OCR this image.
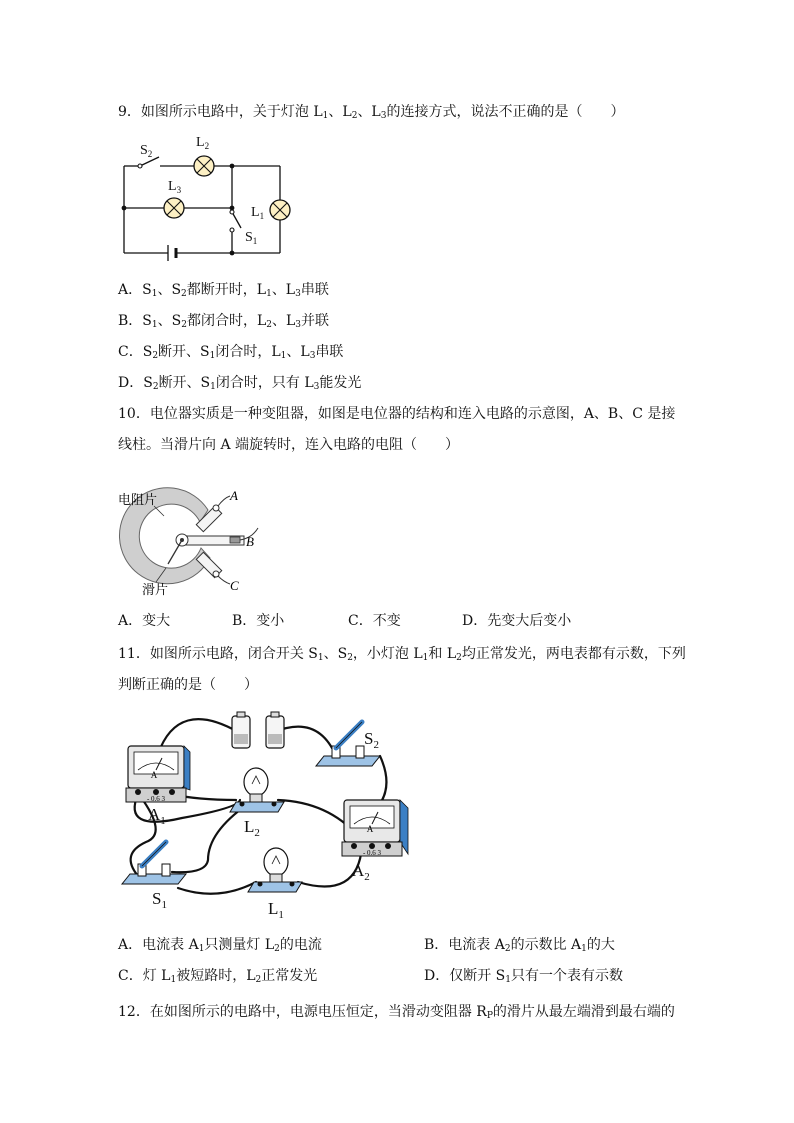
9．如图所示电路中，关于灯泡 $L_1$、$L_2$、$L_3$的连接方式，说法不正确的是（　　）
$S_2$
$L_2$
$L_3$
$L_1$
$S_1$
A．$S_1$、$S_2$都断开时，$L_1$、$L_3$串联
B．$S_1$、$S_2$都闭合时，$L_2$、$L_3$并联
C．$S_2$断开、$S_1$闭合时，$L_1$、$L_3$串联
D．$S_2$断开、$S_1$闭合时，只有 $L_3$能发光
10．电位器实质是一种变阻器，如图是电位器的结构和连入电路的示意图，A、B、C 是接
线柱。当滑片向 A 端旋转时，连入电路的电阻（　　）
电阻片
滑片
A
B
C
A．变大	B．变小	C．不变	D．先变大后变小
11．如图所示电路，闭合开关 $S_1$、$S_2$，小灯泡 $L_1$和 $L_2$均正常发光，两电表都有示数，下列
判断正确的是（　　）
A
- 0.6 3
A
- 0.6 3
$A_1$	$L_2$
$S_2$
$A_2$
$S_1$	$L_1$
A．电流表 $A_1$只测量灯 $L_2$的电流	B．电流表 $A_2$的示数比 $A_1$的大
C．灯 $L_1$被短路时，$L_2$正常发光	D．仅断开 $S_1$只有一个表有示数
12．在如图所示的电路中，电源电压恒定，当滑动变阻器 $R_P$的滑片从最左端滑到最右端的
